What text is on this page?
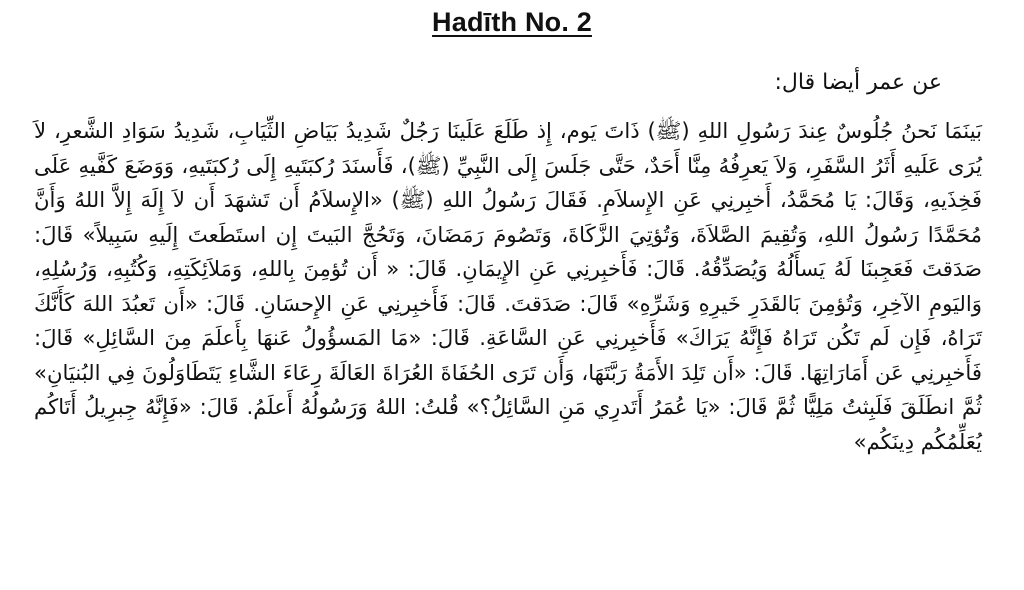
Hadīth No. 2
عن عمر أيضا قال:
بَينَمَا نَحنُ جُلُوسٌ عِندَ رَسُولِ اللهِ (ﷺ) ذَاتَ يَوم، إِذ طَلَعَ عَلَينَا رَجُلٌ شَدِيدُ بَيَاضِ الثِّيَابِ، شَدِيدُ سَوَادِ الشَّعرِ، لاَ يُرَى عَلَيهِ أَثَرُ السَّفَرِ، وَلاَ يَعرِفُهُ مِنَّا أَحَدٌ، حَتَّى جَلَسَ إِلَى النَّبِيِّ (ﷺ)، فَأَسنَدَ رُكبَتَيهِ إِلَى رُكبَتَيهِ، وَوَضَعَ كَفَّيهِ عَلَى فَخِذَيهِ، وَقَالَ: يَا مُحَمَّدُ، أَخبِرنِي عَنِ الإِسلاَمِ. فَقَالَ رَسُولُ اللهِ (ﷺ) «الإِسلاَمُ أَن تَشهَدَ أَن لاَ إِلَهَ إِلاَّ اللهُ وَأَنَّ مُحَمَّدًا رَسُولُ اللهِ، وَتُقِيمَ الصَّلاَةَ، وَتُؤتِيَ الزَّكَاةَ، وَتَصُومَ رَمَضَانَ، وَتَحُجَّ البَيتَ إِن استَطَعتَ إِلَيهِ سَبِيلاً» قَالَ: صَدَقتَ فَعَجِبنَا لَهُ يَسأَلُهُ وَيُصَدِّقُهُ. قَالَ: فَأَخبِرنِي عَنِ الإِيمَانِ. قَالَ: « أَن تُؤمِنَ بِاللهِ، وَمَلاَئِكَتِهِ، وَكُتُبِهِ، وَرُسُلِهِ، وَاليَومِ الآخِرِ، وَتُؤمِنَ بَالقَدَرِ خَيرِهِ وَشَرِّهِ» قَالَ: صَدَقتَ. قَالَ: فَأَخبِرنِي عَنِ الإِحسَانِ. قَالَ: «أَن تَعبُدَ اللهَ كَأَنَّكَ تَرَاهُ، فَإِن لَم تَكُن تَرَاهُ فَإِنَّهُ يَرَاكَ» فَأَخبِرنِي عَنِ السَّاعَةِ. قَالَ: «مَا المَسؤُولُ عَنهَا بِأَعلَمَ مِنَ السَّائِلِ» قَالَ: فَأَخبِرنِي عَن أَمَارَاتِهَا. قَالَ: «أَن تَلِدَ الأَمَةُ رَبَّتَهَا، وَأَن تَرَى الحُفَاةَ العُرَاةَ العَالَةَ رِعَاءَ الشَّاءِ يَتَطَاوَلُونَ فِي البُنيَانِ» ثُمَّ انطَلَقَ فَلَبِثتُ مَلِيًّا ثُمَّ قَالَ: «يَا عُمَرُ أَتَدرِي مَنِ السَّائِلُ؟» قُلتُ: اللهُ وَرَسُولُهُ أَعلَمُ. قَالَ: «فَإِنَّهُ جِبرِيلُ أَتَاكُم يُعَلِّمُكُم دِينَكُم»
